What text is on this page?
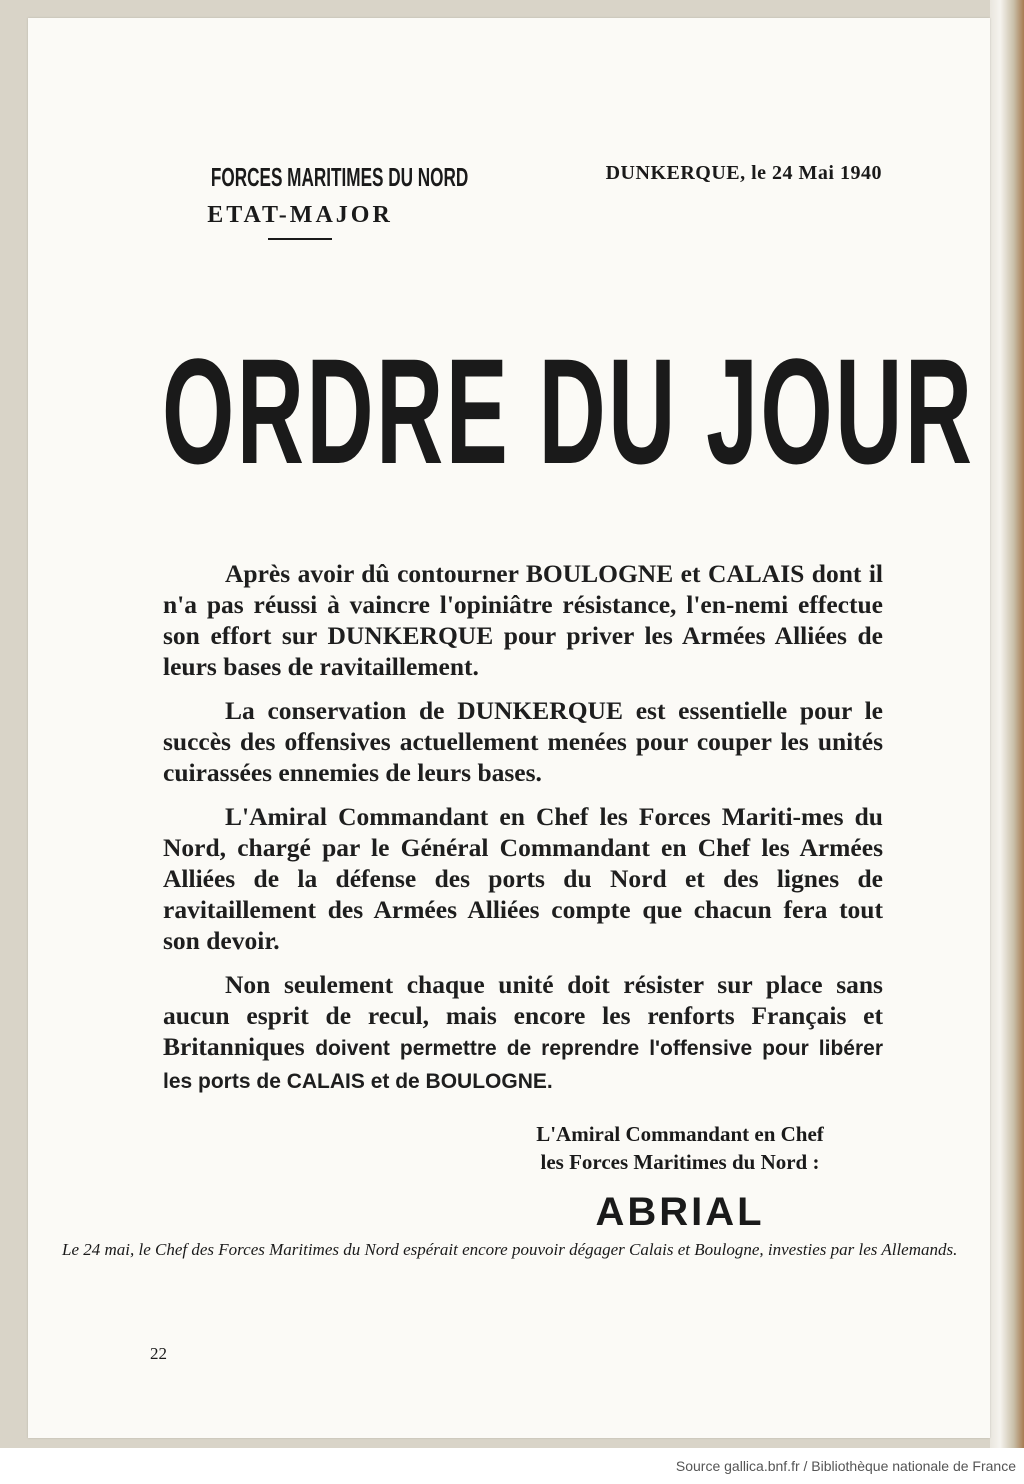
FORCES MARITIMES DU NORD
ETAT-MAJOR
DUNKERQUE, le 24 Mai 1940
ORDRE DU JOUR

Après avoir dû contourner BOULOGNE et CALAIS dont il n'a pas réussi à vaincre l'opiniâtre résistance, l'en-nemi effectue son effort sur DUNKERQUE pour priver les Armées Alliées de leurs bases de ravitaillement.

La conservation de DUNKERQUE est essentielle pour le succès des offensives actuellement menées pour couper les unités cuirassées ennemies de leurs bases.

L'Amiral Commandant en Chef les Forces Mariti-mes du Nord, chargé par le Général Commandant en Chef les Armées Alliées de la défense des ports du Nord et des lignes de ravitaillement des Armées Alliées compte que chacun fera tout son devoir.

Non seulement chaque unité doit résister sur place sans aucun esprit de recul, mais encore les renforts Français et Britanniques doivent permettre de reprendre l'offensive pour libérer les ports de CALAIS et de BOULOGNE.

L'Amiral Commandant en Chef
les Forces Maritimes du Nord :
ABRIAL
Le 24 mai, le Chef des Forces Maritimes du Nord espérait encore pouvoir dégager Calais et Boulogne, investies par les Allemands.
22
Source gallica.bnf.fr / Bibliothèque nationale de France
